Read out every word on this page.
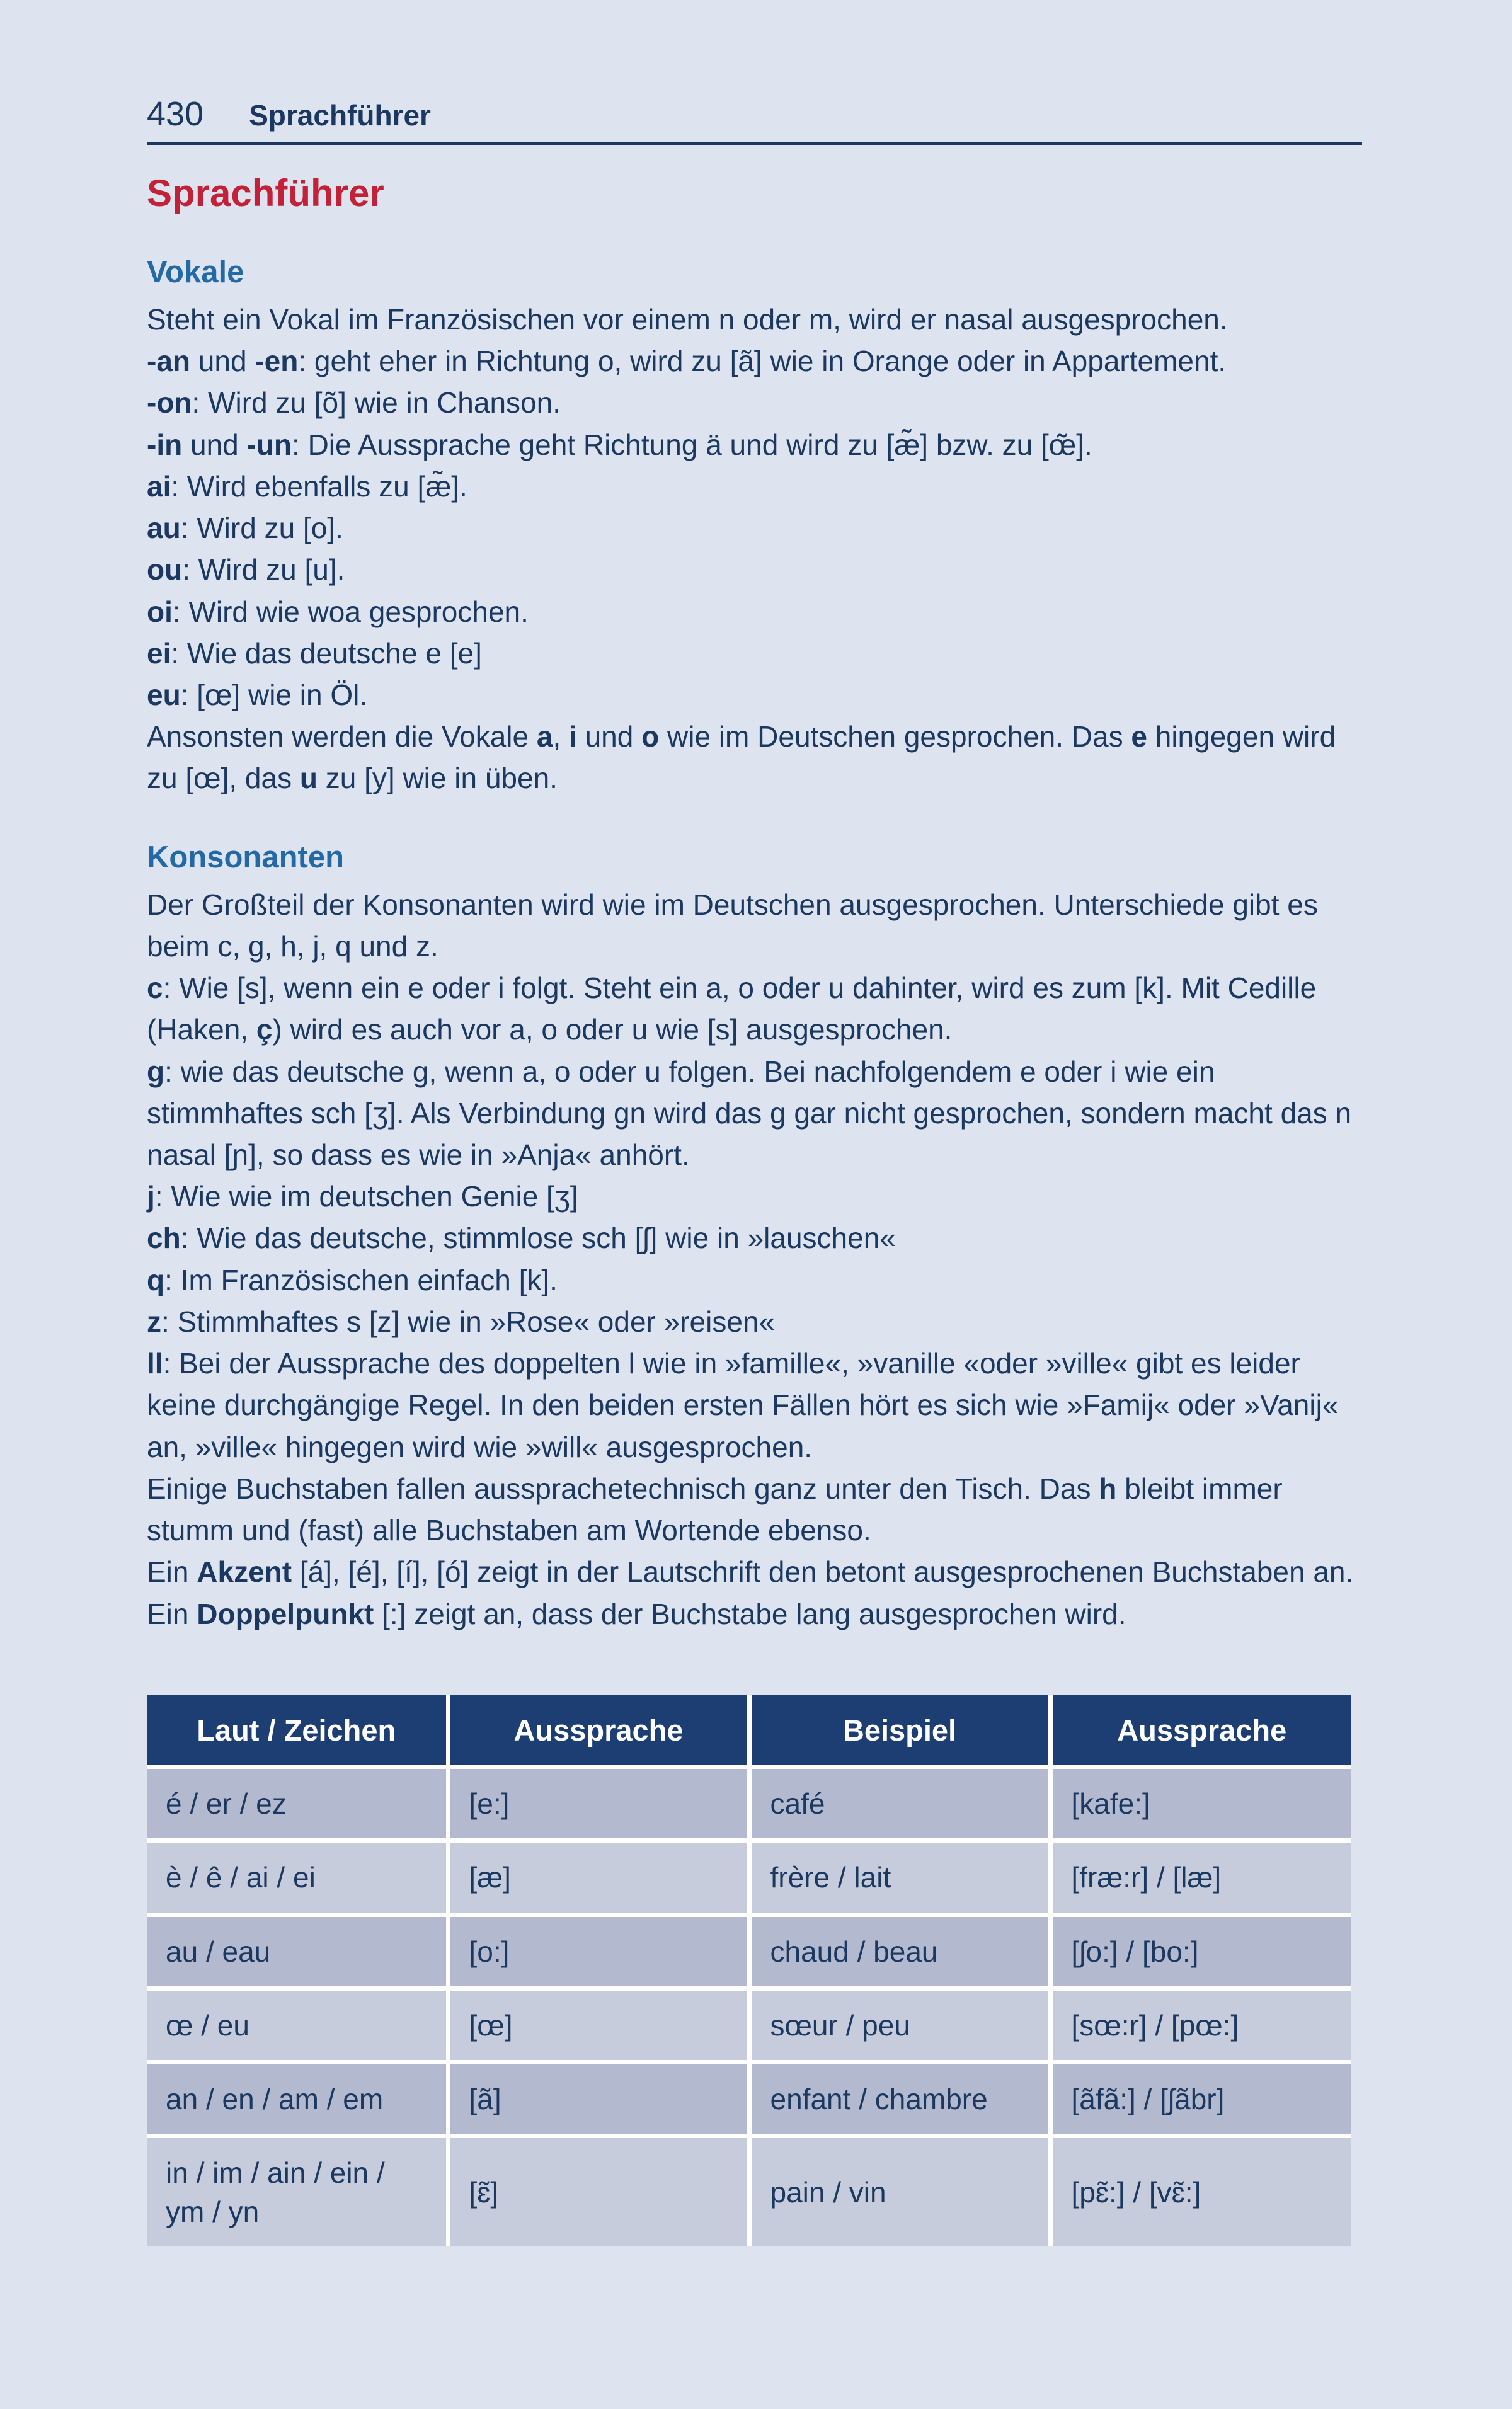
430 Sprachführer
Sprachführer
Vokale
Steht ein Vokal im Französischen vor einem n oder m, wird er nasal ausgesprochen.
-an und -en: geht eher in Richtung o, wird zu [ã] wie in Orange oder in Appartement.
-on: Wird zu [õ] wie in Chanson.
-in und -un: Die Aussprache geht Richtung ä und wird zu [æ̃] bzw. zu [œ̃].
ai: Wird ebenfalls zu [æ̃].
au: Wird zu [o].
ou: Wird zu [u].
oi: Wird wie woa gesprochen.
ei: Wie das deutsche e [e]
eu: [œ] wie in Öl.
Ansonsten werden die Vokale a, i und o wie im Deutschen gesprochen. Das e hingegen wird zu [œ], das u zu [y] wie in üben.
Konsonanten
Der Großteil der Konsonanten wird wie im Deutschen ausgesprochen. Unterschiede gibt es beim c, g, h, j, q und z.
c: Wie [s], wenn ein e oder i folgt. Steht ein a, o oder u dahinter, wird es zum [k]. Mit Cedille (Haken, ç) wird es auch vor a, o oder u wie [s] ausgesprochen.
g: wie das deutsche g, wenn a, o oder u folgen. Bei nachfolgendem e oder i wie ein stimmhaftes sch [ʒ]. Als Verbindung gn wird das g gar nicht gesprochen, sondern macht das n nasal [ɲ], so dass es wie in »Anja« anhört.
j: Wie wie im deutschen Genie [ʒ]
ch: Wie das deutsche, stimmlose sch [ʃ] wie in »lauschen«
q: Im Französischen einfach [k].
z: Stimmhaftes s [z] wie in »Rose« oder »reisen«
ll: Bei der Aussprache des doppelten l wie in »famille«, »vanille «oder »ville« gibt es leider keine durchgängige Regel. In den beiden ersten Fällen hört es sich wie »Famij« oder »Vanij« an, »ville« hingegen wird wie »will« ausgesprochen.
Einige Buchstaben fallen aussprachetechnisch ganz unter den Tisch. Das h bleibt immer stumm und (fast) alle Buchstaben am Wortende ebenso.
Ein Akzent [á], [é], [í], [ó] zeigt in der Lautschrift den betont ausgesprochenen Buchstaben an. Ein Doppelpunkt [:] zeigt an, dass der Buchstabe lang ausgesprochen wird.
Laut / Zeichen	Aussprache	Beispiel	Aussprache
é / er / ez	[e:]	café	[kafe:]
è / ê / ai / ei	[æ]	frère / lait	[fræ:r] / [læ]
au / eau	[o:]	chaud / beau	[ʃo:] / [bo:]
œ / eu	[œ]	sœur / peu	[sœ:r] / [pœ:]
an / en / am / em	[ã]	enfant / chambre	[ãfã:] / [ʃãbr]
in / im / ain / ein / ym / yn	[ɛ̃]	pain / vin	[pɛ̃:] / [vɛ̃:]
